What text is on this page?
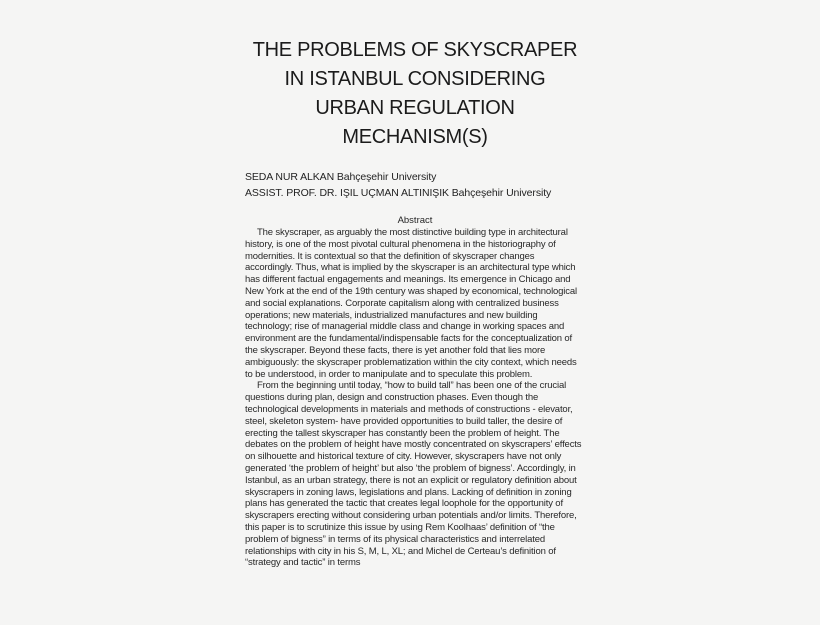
THE PROBLEMS OF SKYSCRAPER
IN ISTANBUL CONSIDERING
URBAN REGULATION
MECHANISM(S)
SEDA NUR ALKAN Bahçeşehir University
ASSIST. PROF. DR. IŞIL UÇMAN ALTINIŞIK Bahçeşehir University
Abstract

The skyscraper, as arguably the most distinctive building type in architectural history, is one of the most pivotal cultural phenomena in the historiography of modernities. It is contextual so that the definition of skyscraper changes accordingly. Thus, what is implied by the skyscraper is an architectural type which has different factual engagements and meanings. Its emergence in Chicago and New York at the end of the 19th century was shaped by economical, technological and social explanations. Corporate capitalism along with centralized business operations; new materials, industrialized manufactures and new building technology; rise of managerial middle class and change in working spaces and environment are the fundamental/indispensable facts for the conceptualization of the skyscraper. Beyond these facts, there is yet another fold that lies more ambiguously: the skyscraper problematization within the city context, which needs to be understood, in order to manipulate and to speculate this problem.

From the beginning until today, “how to build tall” has been one of the crucial questions during plan, design and construction phases. Even though the technological developments in materials and methods of constructions - elevator, steel, skeleton system- have provided opportunities to build taller, the desire of erecting the tallest skyscraper has constantly been the problem of height. The debates on the problem of height have mostly concentrated on skyscrapers’ effects on silhouette and historical texture of city. However, skyscrapers have not only generated ‘the problem of height’ but also ‘the problem of bigness’. Accordingly, in Istanbul, as an urban strategy, there is not an explicit or regulatory definition about skyscrapers in zoning laws, legislations and plans. Lacking of definition in zoning plans has generated the tactic that creates legal loophole for the opportunity of skyscrapers erecting without considering urban potentials and/or limits. Therefore, this paper is to scrutinize this issue by using Rem Koolhaas’ definition of “the problem of bigness” in terms of its physical characteristics and interrelated relationships with city in his S, M, L, XL; and Michel de Certeau’s definition of “strategy and tactic” in terms
